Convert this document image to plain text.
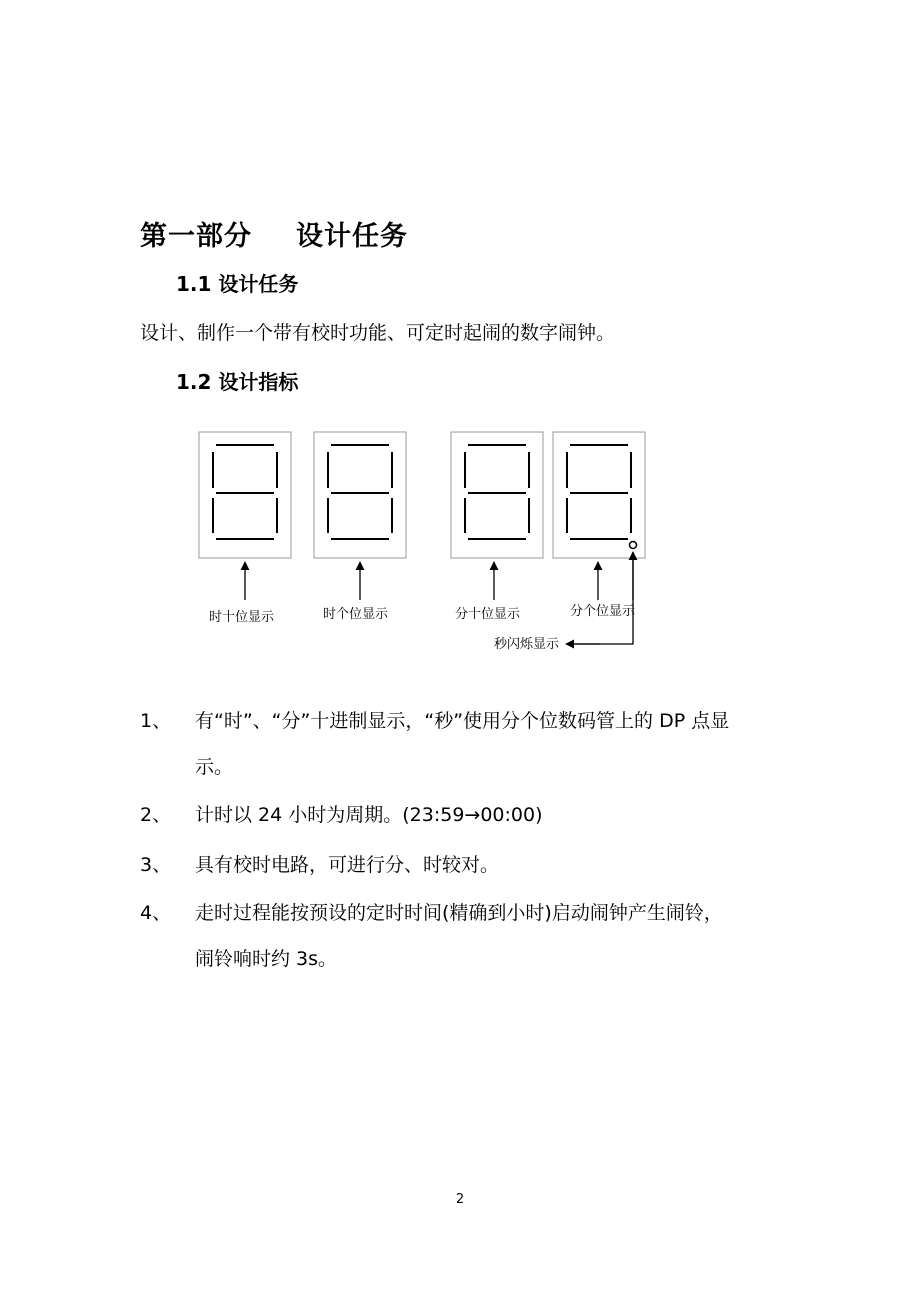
第一部分 设计任务
1.1 设计任务
设计、制作一个带有校时功能、可定时起闹的数字闹钟。
1.2 设计指标
时十位显示	时个位显示	分十位显示	分个位显示
秒闪烁显示
1、 有“时”、“分”十进制显示，“秒”使用分个位数码管上的 DP 点显
示。
2、 计时以 24 小时为周期。(23:59→00:00)
3、 具有校时电路，可进行分、时较对。
4、 走时过程能按预设的定时时间(精确到小时)启动闹钟产生闹铃，
闹铃响时约 3s。
2
